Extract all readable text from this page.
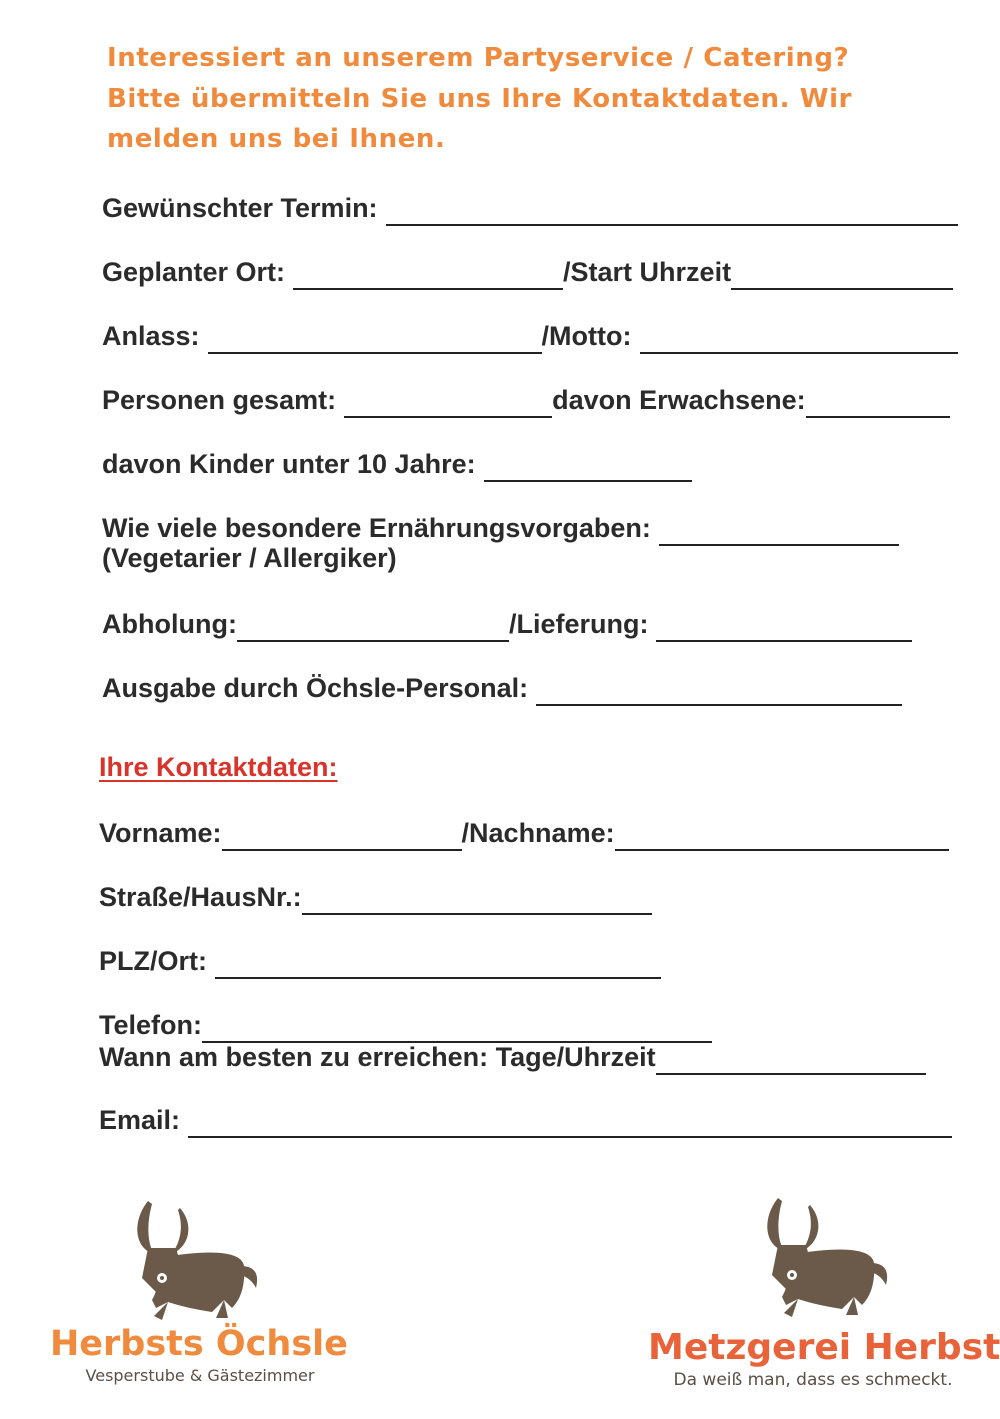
Interessiert an unserem Partyservice / Catering?
Bitte übermitteln Sie uns Ihre Kontaktdaten. Wir
melden uns bei Ihnen.
Gewünschter Termin:
Geplanter Ort:	/Start Uhrzeit
Anlass:	/Motto:
Personen gesamt:	davon Erwachsene:
davon Kinder unter 10 Jahre:
Wie viele besondere Ernährungsvorgaben:
(Vegetarier / Allergiker)
Abholung:	/Lieferung:
Ausgabe durch Öchsle-Personal:
Ihre Kontaktdaten:
Vorname:	/Nachname:
Straße/HausNr.:
PLZ/Ort:
Telefon:
Wann am besten zu erreichen: Tage/Uhrzeit
Email:
Herbsts Öchsle
Vesperstube & Gästezimmer
Metzgerei Herbst
Da weiß man, dass es schmeckt.
